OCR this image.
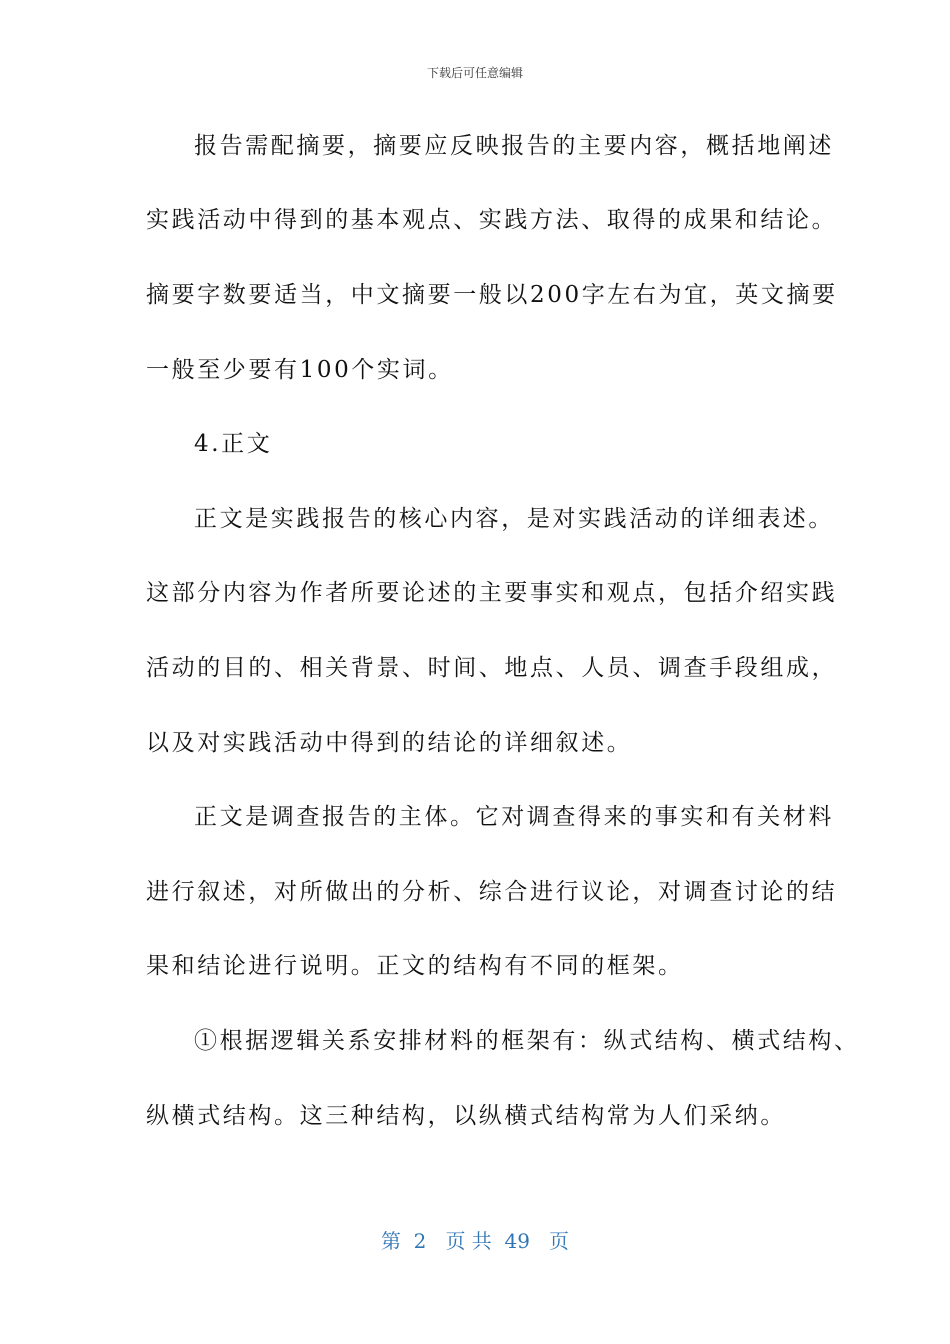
下载后可任意编辑
报告需配摘要，摘要应反映报告的主要内容，概括地阐述
实践活动中得到的基本观点、实践方法、取得的成果和结论。
摘要字数要适当，中文摘要一般以200字左右为宜，英文摘要
一般至少要有100个实词。
4.正文
正文是实践报告的核心内容，是对实践活动的详细表述。
这部分内容为作者所要论述的主要事实和观点，包括介绍实践
活动的目的、相关背景、时间、地点、人员、调查手段组成，
以及对实践活动中得到的结论的详细叙述。
正文是调查报告的主体。它对调查得来的事实和有关材料
进行叙述，对所做出的分析、综合进行议论，对调查讨论的结
果和结论进行说明。正文的结构有不同的框架。
①根据逻辑关系安排材料的框架有：纵式结构、横式结构、
纵横式结构。这三种结构，以纵横式结构常为人们采纳。
第  2   页 共  49   页
